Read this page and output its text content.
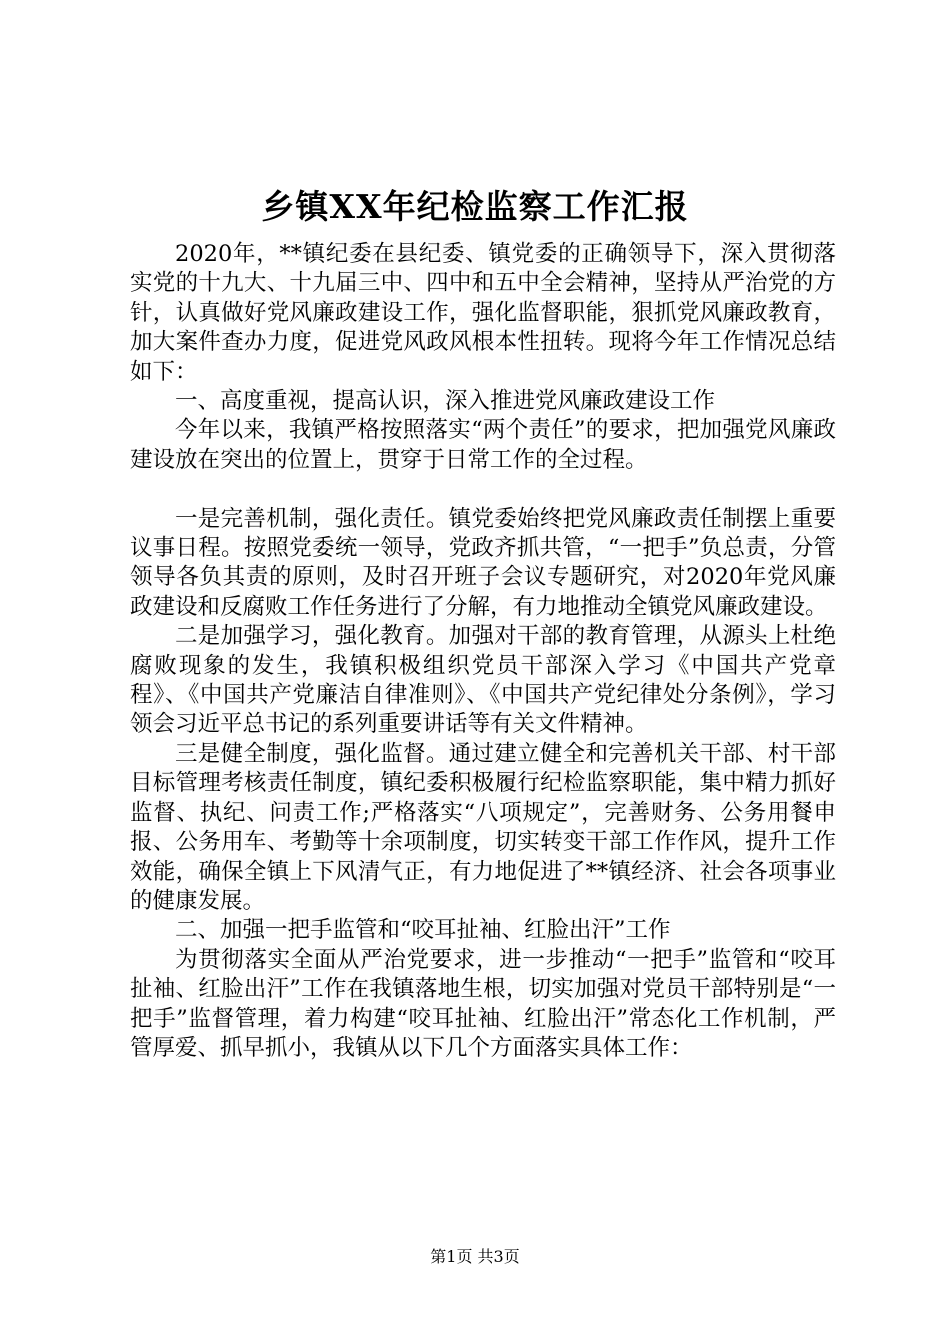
乡镇XX年纪检监察工作汇报

2020年，**镇纪委在县纪委、镇党委的正确领导下，深入贯彻落实党的十九大、十九届三中、四中和五中全会精神，坚持从严治党的方针，认真做好党风廉政建设工作，强化监督职能，狠抓党风廉政教育，加大案件查办力度，促进党风政风根本性扭转。现将今年工作情况总结如下：

一、高度重视，提高认识，深入推进党风廉政建设工作

今年以来，我镇严格按照落实“两个责任”的要求，把加强党风廉政建设放在突出的位置上，贯穿于日常工作的全过程。

一是完善机制，强化责任。镇党委始终把党风廉政责任制摆上重要议事日程。按照党委统一领导，党政齐抓共管，“一把手”负总责，分管领导各负其责的原则，及时召开班子会议专题研究，对2020年党风廉政建设和反腐败工作任务进行了分解，有力地推动全镇党风廉政建设。

二是加强学习，强化教育。加强对干部的教育管理，从源头上杜绝腐败现象的发生，我镇积极组织党员干部深入学习《中国共产党章程》、《中国共产党廉洁自律准则》、《中国共产党纪律处分条例》，学习领会习近平总书记的系列重要讲话等有关文件精神。

三是健全制度，强化监督。通过建立健全和完善机关干部、村干部目标管理考核责任制度，镇纪委积极履行纪检监察职能，集中精力抓好监督、执纪、问责工作;严格落实“八项规定”，完善财务、公务用餐申报、公务用车、考勤等十余项制度，切实转变干部工作作风，提升工作效能，确保全镇上下风清气正，有力地促进了**镇经济、社会各项事业的健康发展。

二、加强一把手监管和“咬耳扯袖、红脸出汗”工作

为贯彻落实全面从严治党要求，进一步推动“一把手”监管和“咬耳扯袖、红脸出汗”工作在我镇落地生根，切实加强对党员干部特别是“一把手”监督管理，着力构建“咬耳扯袖、红脸出汗”常态化工作机制，严管厚爱、抓早抓小，我镇从以下几个方面落实具体工作：

第1页 共3页
